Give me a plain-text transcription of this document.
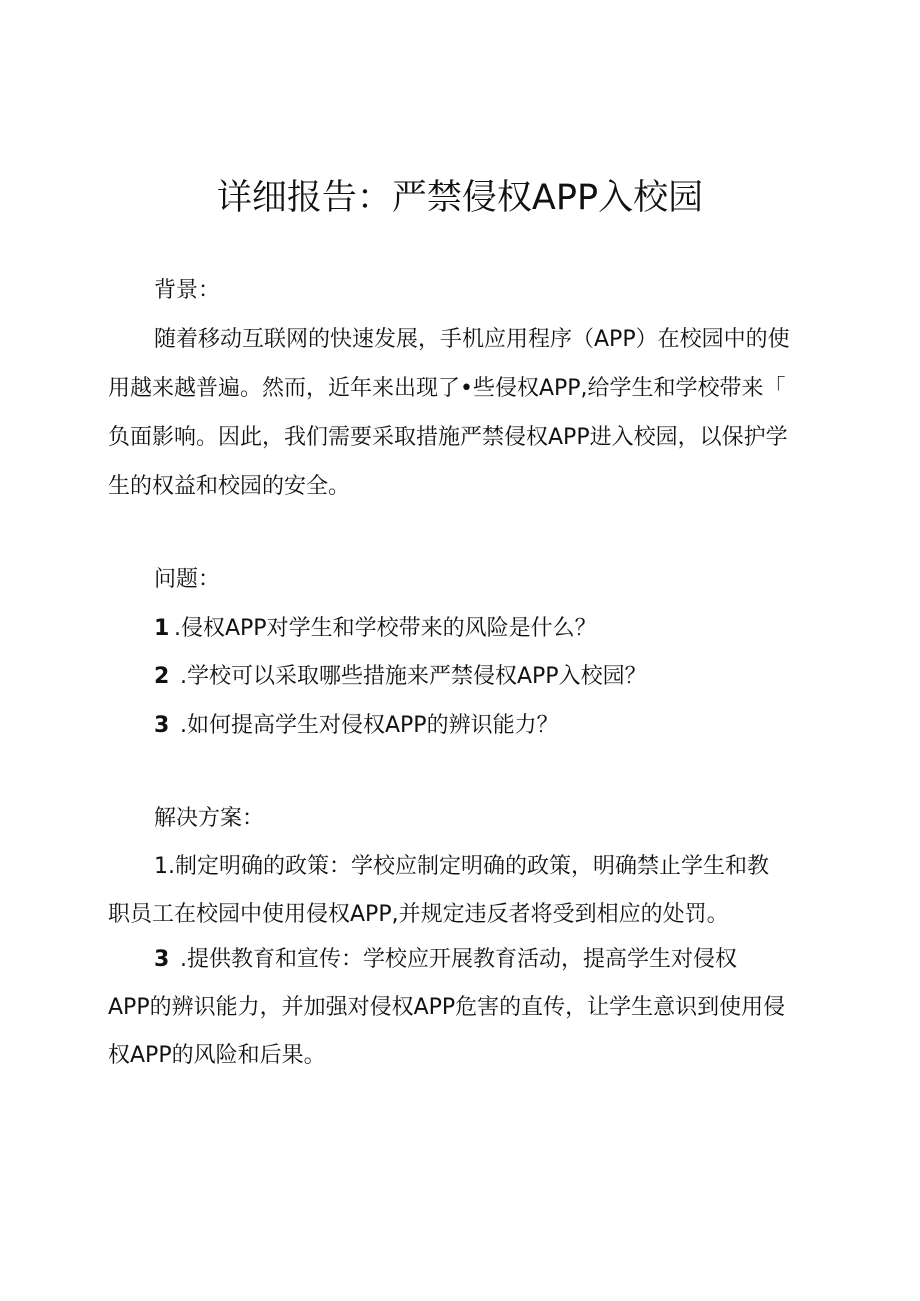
详细报告：严禁侵权APP入校园

背景：

随着移动互联网的快速发展，手机应用程序（APP）在校园中的使

用越来越普遍。然而，近年来出现了•些侵权APP,给学生和学校带来「

负面影响。因此，我们需要采取措施严禁侵权APP进入校园，以保护学

生的权益和校园的安全。

问题：

1 .侵权APP对学生和学校带来的风险是什么？

2 .学校可以采取哪些措施来严禁侵权APP入校园？

3 .如何提高学生对侵权APP的辨识能力？

解决方案：

1.制定明确的政策：学校应制定明确的政策，明确禁止学生和教

职员工在校园中使用侵权APP,并规定违反者将受到相应的处罚。

3 .提供教育和宣传：学校应开展教育活动，提高学生对侵权

APP的辨识能力，并加强对侵权APP危害的直传，让学生意识到使用侵

权APP的风险和后果。
